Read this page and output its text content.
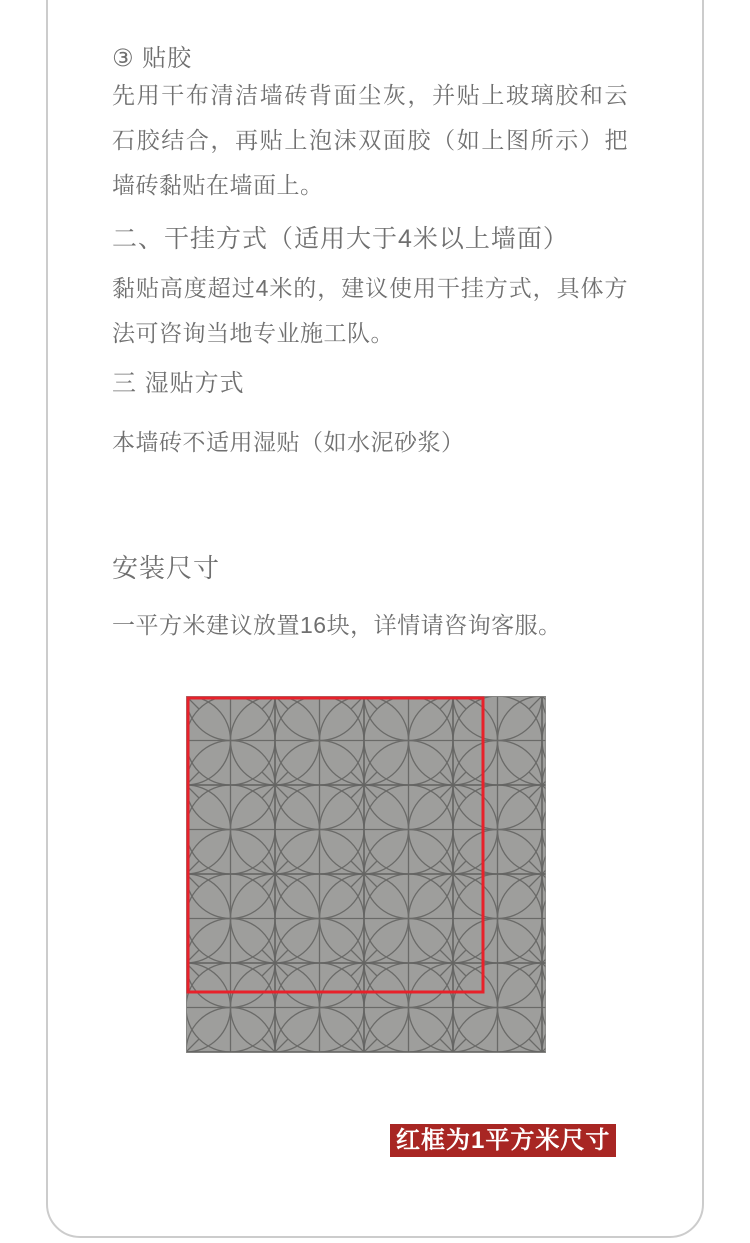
③ 贴胶
先用干布清洁墙砖背面尘灰，并贴上玻璃胶和云石胶结合，再贴上泡沫双面胶（如上图所示）把墙砖黏贴在墙面上。
二、干挂方式（适用大于4米以上墙面）
黏贴高度超过4米的，建议使用干挂方式，具体方法可咨询当地专业施工队。
三 湿贴方式
本墙砖不适用湿贴（如水泥砂浆）
安装尺寸
一平方米建议放置16块，详情请咨询客服。
红框为1平方米尺寸
